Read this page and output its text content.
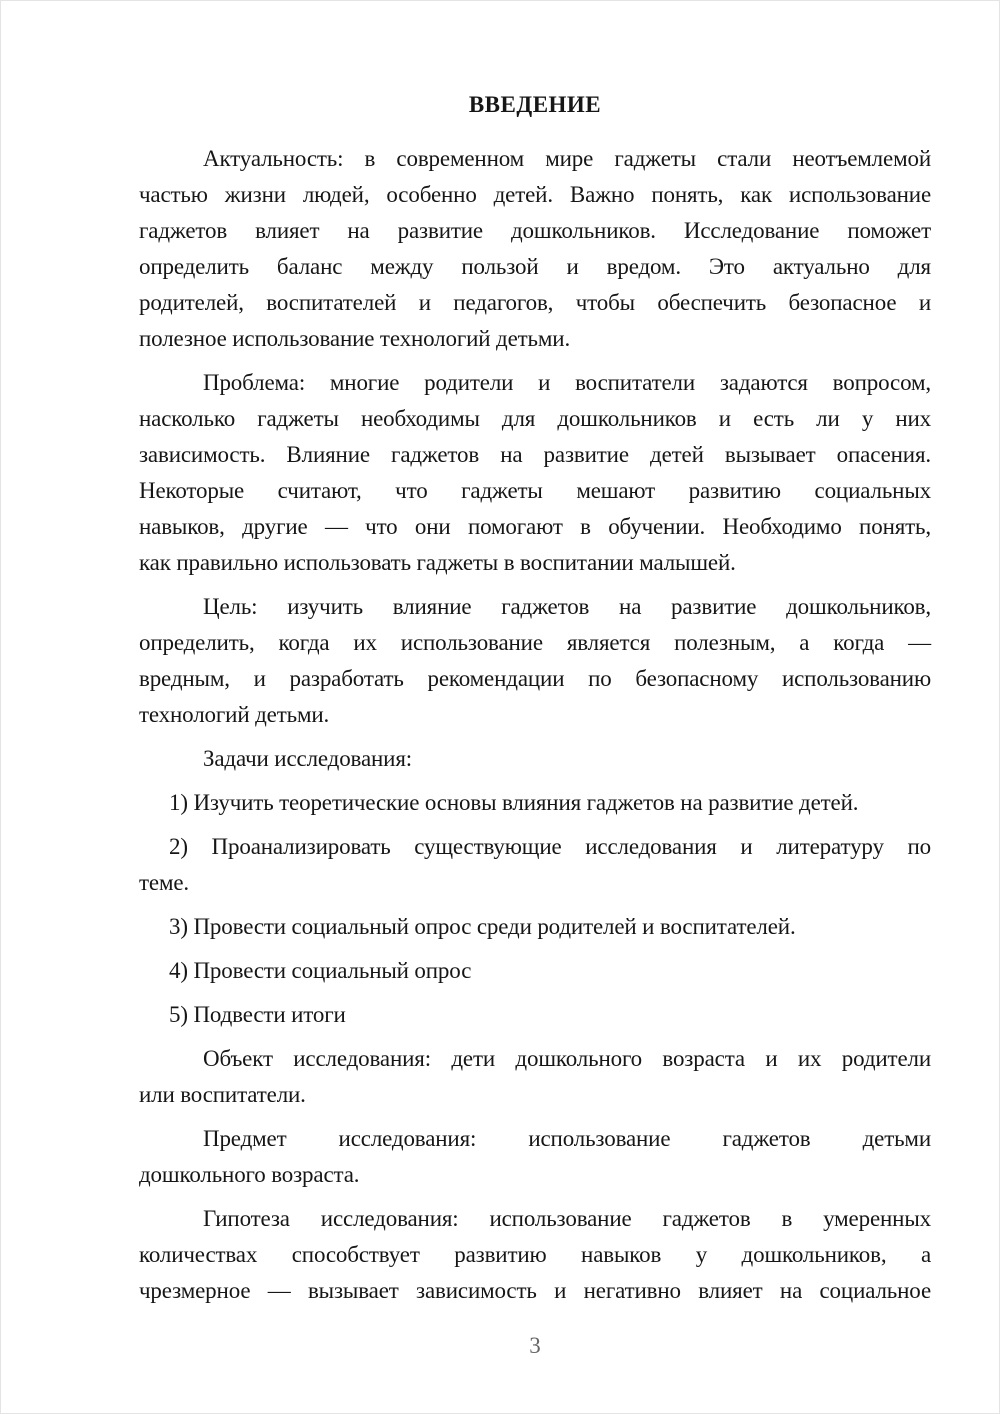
ВВЕДЕНИЕ
Актуальность: в современном мире гаджеты стали неотъемлемой
частью жизни людей, особенно детей. Важно понять, как использование
гаджетов влияет на развитие дошкольников. Исследование поможет
определить баланс между пользой и вредом. Это актуально для
родителей, воспитателей и педагогов, чтобы обеспечить безопасное и
полезное использование технологий детьми.
Проблема: многие родители и воспитатели задаются вопросом,
насколько гаджеты необходимы для дошкольников и есть ли у них
зависимость. Влияние гаджетов на развитие детей вызывает опасения.
Некоторые считают, что гаджеты мешают развитию социальных
навыков, другие — что они помогают в обучении. Необходимо понять,
как правильно использовать гаджеты в воспитании малышей.
Цель: изучить влияние гаджетов на развитие дошкольников,
определить, когда их использование является полезным, а когда —
вредным, и разработать рекомендации по безопасному использованию
технологий детьми.
Задачи исследования:
1) Изучить теоретические основы влияния гаджетов на развитие детей.
2) Проанализировать существующие исследования и литературу по
теме.
3) Провести социальный опрос среди родителей и воспитателей.
4) Провести социальный опрос
5) Подвести итоги
Объект исследования: дети дошкольного возраста и их родители
или воспитатели.
Предмет исследования: использование гаджетов детьми
дошкольного возраста.
Гипотеза исследования: использование гаджетов в умеренных
количествах способствует развитию навыков у дошкольников, а
чрезмерное — вызывает зависимость и негативно влияет на социальное
3
